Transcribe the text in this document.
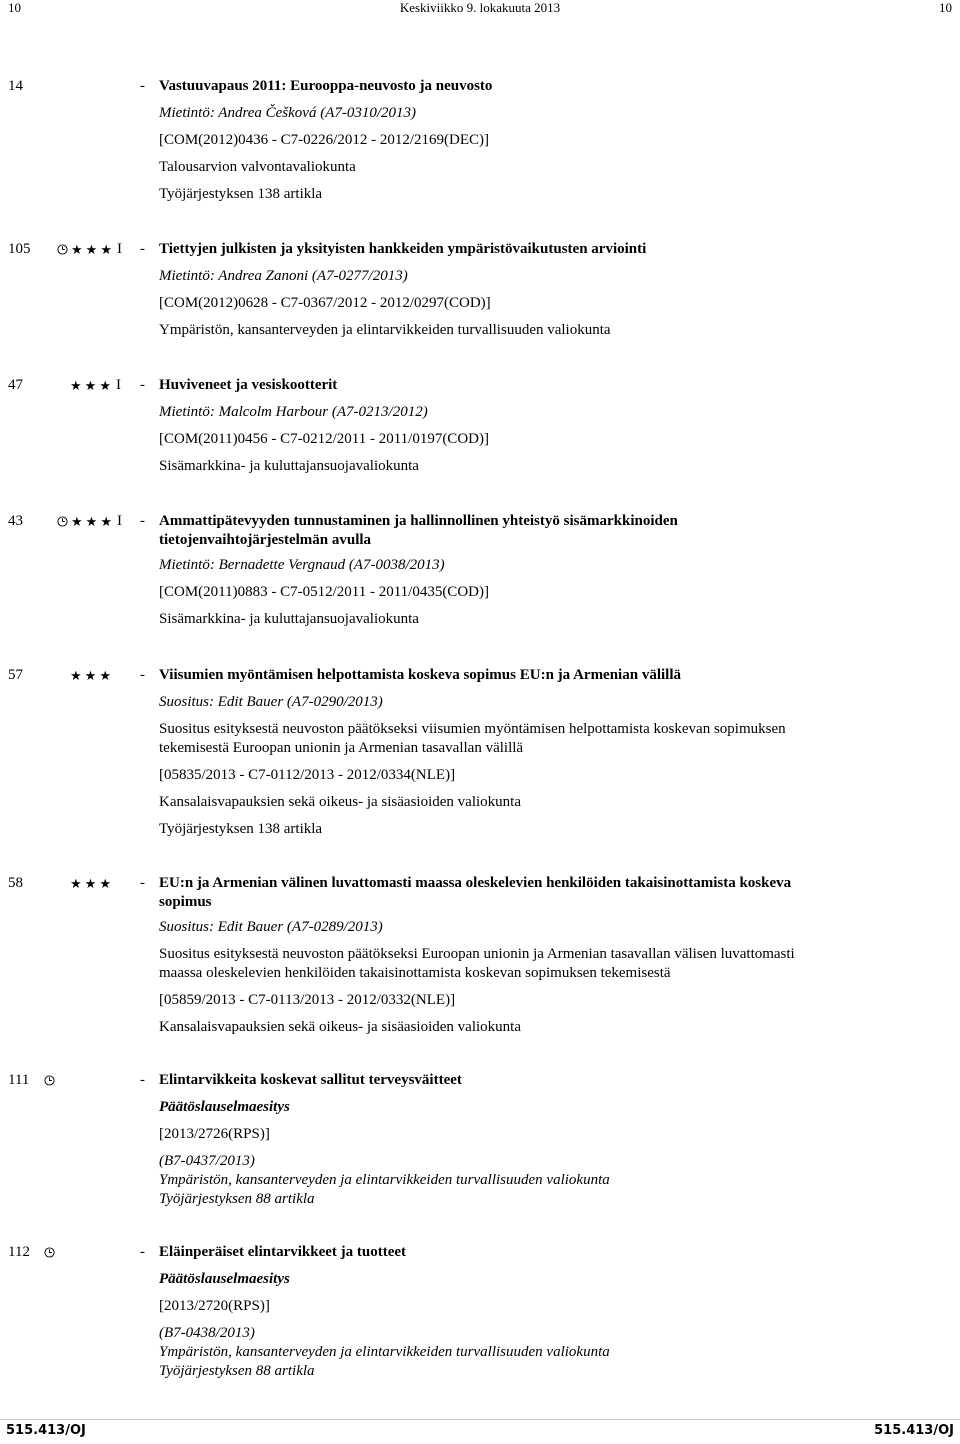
10	Keskiviikko 9. lokakuuta 2013	10
14	- Vastuuvapaus 2011: Eurooppa-neuvosto ja neuvosto

Mietintö: Andrea Češková (A7-0310/2013)

[COM(2012)0436 - C7-0226/2012 - 2012/2169(DEC)]

Talousarvion valvontavaliokunta

Työjärjestyksen 138 artikla

105	★ ★ ★ I - Tiettyjen julkisten ja yksityisten hankkeiden ympäristövaikutusten arviointi

Mietintö: Andrea Zanoni (A7-0277/2013)

[COM(2012)0628 - C7-0367/2012 - 2012/0297(COD)]

Ympäristön, kansanterveyden ja elintarvikkeiden turvallisuuden valiokunta

47	★ ★ ★ I - Huviveneet ja vesiskootterit

Mietintö: Malcolm Harbour (A7-0213/2012)

[COM(2011)0456 - C7-0212/2011 - 2011/0197(COD)]

Sisämarkkina- ja kuluttajansuojavaliokunta

43	★ ★ ★ I - Ammattipätevyyden tunnustaminen ja hallinnollinen yhteistyö sisämarkkinoiden

tietojenvaihtojärjestelmän avulla

Mietintö: Bernadette Vergnaud (A7-0038/2013)

[COM(2011)0883 - C7-0512/2011 - 2011/0435(COD)]

Sisämarkkina- ja kuluttajansuojavaliokunta

57	★ ★ ★ - Viisumien myöntämisen helpottamista koskeva sopimus EU:n ja Armenian välillä

Suositus: Edit Bauer (A7-0290/2013)

Suositus esityksestä neuvoston päätökseksi viisumien myöntämisen helpottamista koskevan sopimuksen

tekemisestä Euroopan unionin ja Armenian tasavallan välillä

[05835/2013 - C7-0112/2013 - 2012/0334(NLE)]

Kansalaisvapauksien sekä oikeus- ja sisäasioiden valiokunta

Työjärjestyksen 138 artikla

58	★ ★ ★ - EU:n ja Armenian välinen luvattomasti maassa oleskelevien henkilöiden takaisinottamista koskeva

sopimus

Suositus: Edit Bauer (A7-0289/2013)

Suositus esityksestä neuvoston päätökseksi Euroopan unionin ja Armenian tasavallan välisen luvattomasti

maassa oleskelevien henkilöiden takaisinottamista koskevan sopimuksen tekemisestä

[05859/2013 - C7-0113/2013 - 2012/0332(NLE)]

Kansalaisvapauksien sekä oikeus- ja sisäasioiden valiokunta

111	- Elintarvikkeita koskevat sallitut terveysväitteet

Päätöslauselmaesitys

[2013/2726(RPS)]

(B7-0437/2013)

Ympäristön, kansanterveyden ja elintarvikkeiden turvallisuuden valiokunta

Työjärjestyksen 88 artikla

112	- Eläinperäiset elintarvikkeet ja tuotteet

Päätöslauselmaesitys

[2013/2720(RPS)]

(B7-0438/2013)

Ympäristön, kansanterveyden ja elintarvikkeiden turvallisuuden valiokunta

Työjärjestyksen 88 artikla

515.413/OJ	515.413/OJ
